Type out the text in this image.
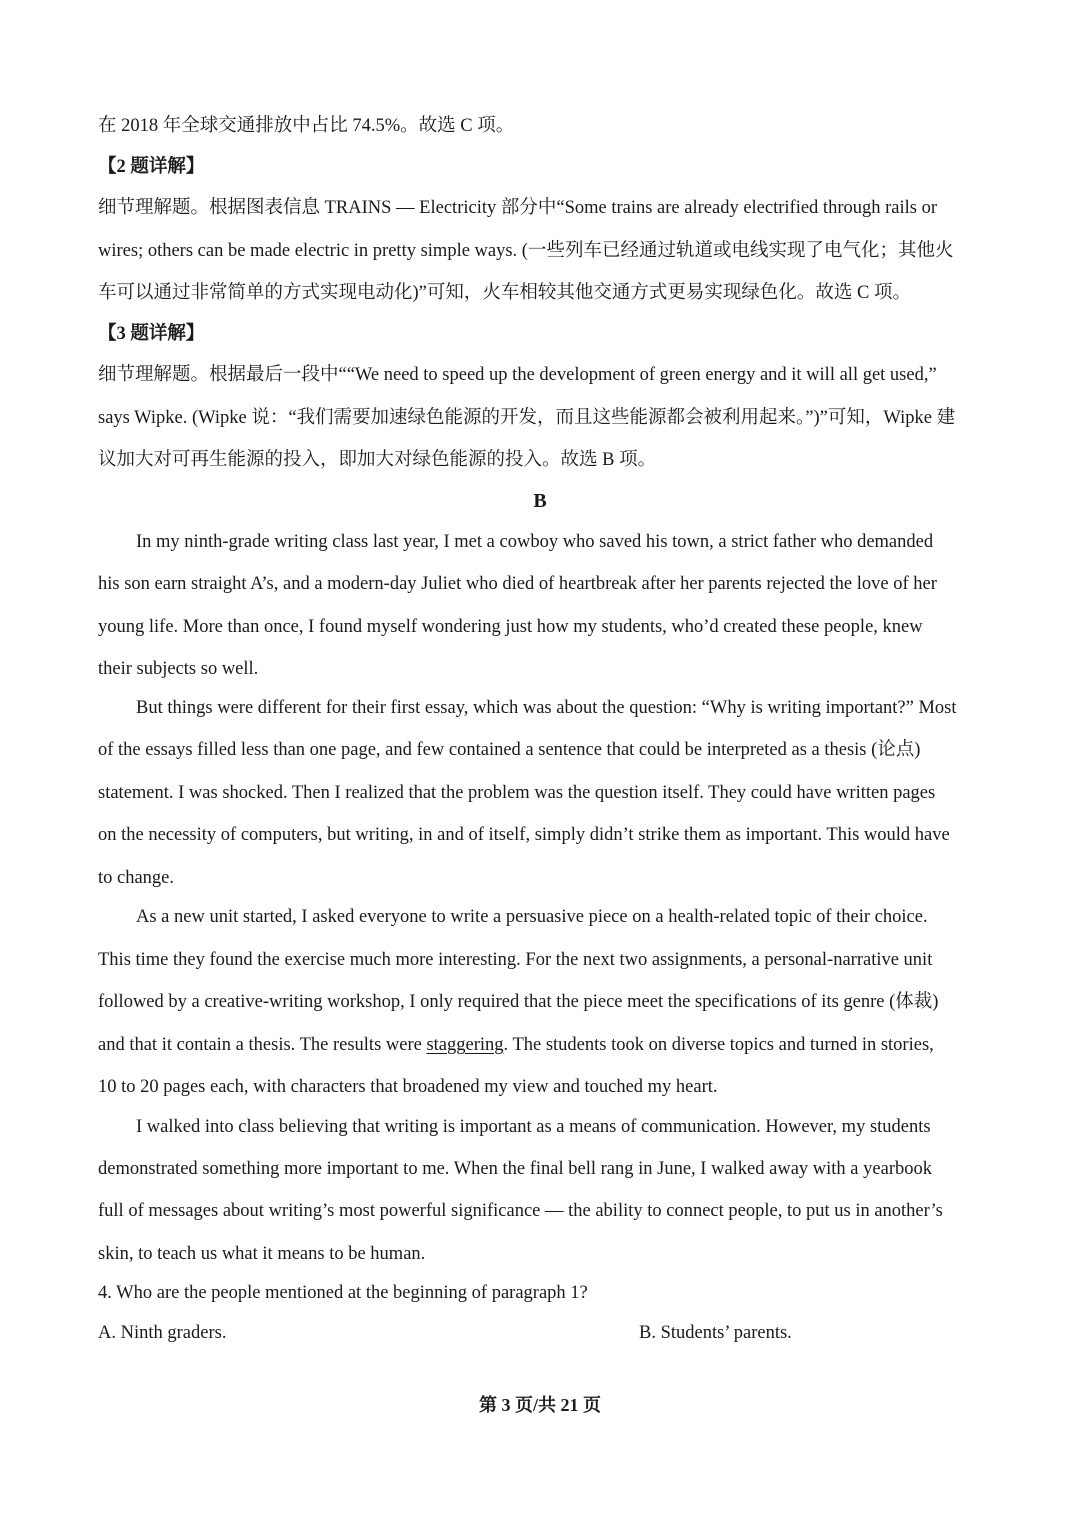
在 2018 年全球交通排放中占比 74.5%。故选 C 项。
【2 题详解】
细节理解题。根据图表信息 TRAINS — Electricity 部分中“Some trains are already electrified through rails or
wires; others can be made electric in pretty simple ways. (一些列车已经通过轨道或电线实现了电气化；其他火
车可以通过非常简单的方式实现电动化)”可知，火车相较其他交通方式更易实现绿色化。故选 C 项。
【3 题详解】
细节理解题。根据最后一段中““We need to speed up the development of green energy and it will all get used,”
says Wipke. (Wipke 说：“我们需要加速绿色能源的开发，而且这些能源都会被利用起来。”)”可知，Wipke 建
议加大对可再生能源的投入，即加大对绿色能源的投入。故选 B 项。
B
In my ninth-grade writing class last year, I met a cowboy who saved his town, a strict father who demanded
his son earn straight A’s, and a modern-day Juliet who died of heartbreak after her parents rejected the love of her
young life. More than once, I found myself wondering just how my students, who’d created these people, knew
their subjects so well.
But things were different for their first essay, which was about the question: “Why is writing important?” Most
of the essays filled less than one page, and few contained a sentence that could be interpreted as a thesis (论点)
statement. I was shocked. Then I realized that the problem was the question itself. They could have written pages
on the necessity of computers, but writing, in and of itself, simply didn’t strike them as important. This would have
to change.
As a new unit started, I asked everyone to write a persuasive piece on a health-related topic of their choice.
This time they found the exercise much more interesting. For the next two assignments, a personal-narrative unit
followed by a creative-writing workshop, I only required that the piece meet the specifications of its genre (体裁)
and that it contain a thesis. The results were staggering. The students took on diverse topics and turned in stories,
10 to 20 pages each, with characters that broadened my view and touched my heart.
I walked into class believing that writing is important as a means of communication. However, my students
demonstrated something more important to me. When the final bell rang in June, I walked away with a yearbook
full of messages about writing’s most powerful significance — the ability to connect people, to put us in another’s
skin, to teach us what it means to be human.
4. Who are the people mentioned at the beginning of paragraph 1?
A. Ninth graders.	B. Students’ parents.
第 3 页/共 21 页
